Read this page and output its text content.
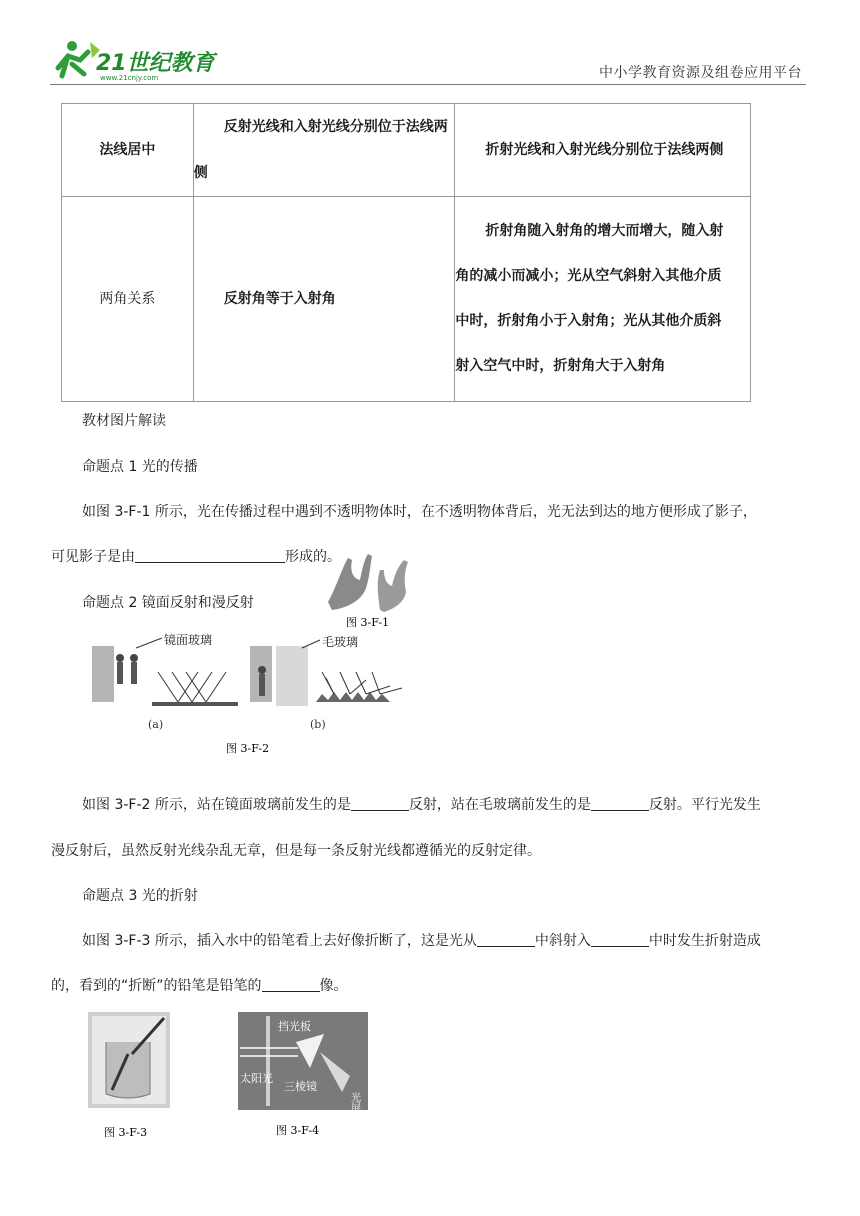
21世纪教育
www.21cnjy.com	中小学教育资源及组卷应用平台
法线居中	反射光线和入射光线分别位于法线两侧	折射光线和入射光线分别位于法线两侧

两角关系	反射角等于入射角	折射角随入射角的增大而增大，随入射
角的减小而减小；光从空气斜射入其他介质
中时，折射角小于入射角；光从其他介质斜
射入空气中时，折射角大于入射角
教材图片解读
命题点 1 光的传播
如图 3-F-1 所示，光在传播过程中遇到不透明物体时，在不透明物体背后，光无法到达的地方便形成了影子，
可见影子是由	形成的。
图 3-F-1
命题点 2 镜面反射和漫反射
镜面玻璃
(a)
毛玻璃
(b)
图 3-F-2
如图 3-F-2 所示，站在镜面玻璃前发生的是	反射，站在毛玻璃前发生的是	反射。平行光发生
漫反射后，虽然反射光线杂乱无章，但是每一条反射光线都遵循光的反射定律。
命题点 3 光的折射
如图 3-F-3 所示，插入水中的铅笔看上去好像折断了，这是光从	中斜射入	中时发生折射造成
的，看到的“折断”的铅笔是铅笔的	像。
图 3-F-3
挡光板
太阳光
三棱镜
光屏
图 3-F-4
